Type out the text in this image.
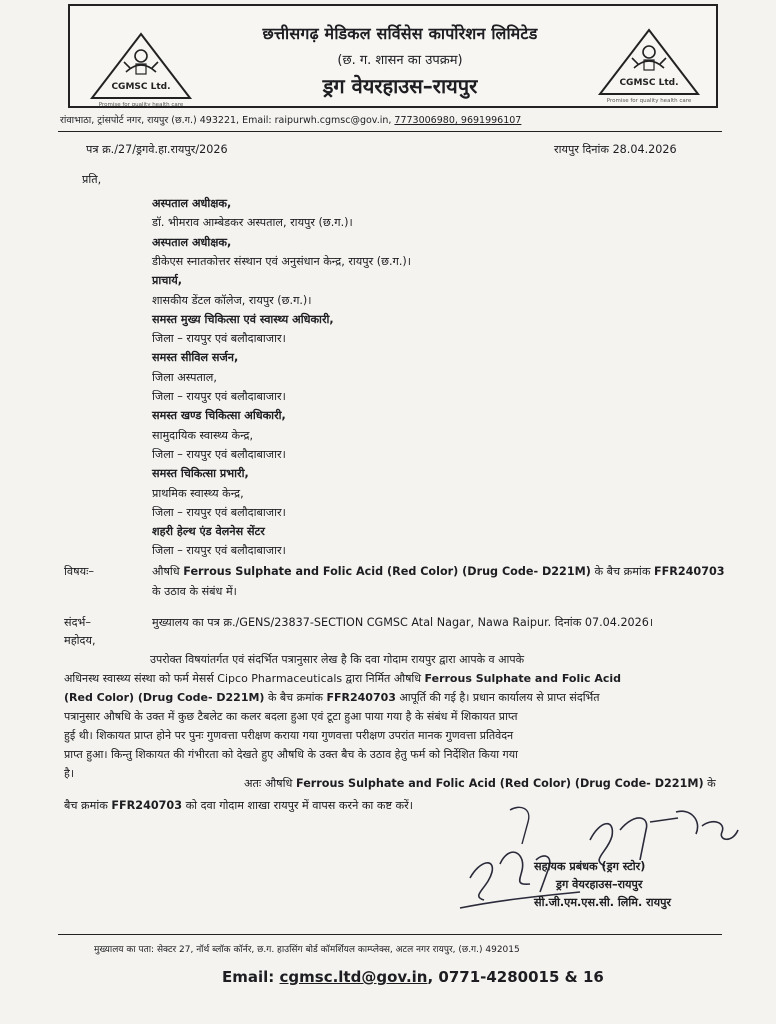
CGMSC Ltd.
Promise for quality health care
छत्तीसगढ़ मेडिकल सर्विसेस कार्पोरेशन लिमिटेड
(छ. ग. शासन का उपक्रम)
ड्रग वेयरहाउस–रायपुर	CGMSC Ltd.
Promise for quality health care
रांवाभाठा, ट्रांसपोर्ट नगर, रायपुर (छ.ग.) 493221, Email: raipurwh.cgmsc@gov.in, 7773006980, 9691996107
पत्र क्र./27/ड्रगवे.हा.रायपुर/2026	रायपुर दिनांक 28.04.2026
प्रति,
अस्पताल अधीक्षक,
डॉ. भीमराव आम्बेडकर अस्पताल, रायपुर (छ.ग.)।
अस्पताल अधीक्षक,
डीकेएस स्नातकोत्तर संस्थान एवं अनुसंधान केन्द्र, रायपुर (छ.ग.)।
प्राचार्य,
शासकीय डेंटल कॉलेज, रायपुर (छ.ग.)।
समस्त मुख्य चिकित्सा एवं स्वास्थ्य अधिकारी,
जिला – रायपुर एवं बलौदाबाजार।
समस्त सीविल सर्जन,
जिला अस्पताल,
जिला – रायपुर एवं बलौदाबाजार।
समस्त खण्ड चिकित्सा अधिकारी,
सामुदायिक स्वास्थ्य केन्द्र,
जिला – रायपुर एवं बलौदाबाजार।
समस्त चिकित्सा प्रभारी,
प्राथमिक स्वास्थ्य केन्द्र,
जिला – रायपुर एवं बलौदाबाजार।
शहरी हेल्थ एंड वेलनेस सेंटर
जिला – रायपुर एवं बलौदाबाजार।
विषयः–	औषधि Ferrous Sulphate and Folic Acid (Red Color) (Drug Code- D221M) के बैच क्रमांक FFR240703
के उठाव के संबंध में।
संदर्भ–	मुख्यालय का पत्र क्र./GENS/23837-SECTION CGMSC Atal Nagar, Nawa Raipur. दिनांक 07.04.2026।
महोदय,

उपरोक्त विषयांतर्गत एवं संदर्भित पत्रानुसार लेख है कि दवा गोदाम रायपुर द्वारा आपके व आपके

अधिनस्थ स्वास्थ्य संस्था को फर्म मेसर्स Cipco Pharmaceuticals द्वारा निर्मित औषधि Ferrous Sulphate and Folic Acid

(Red Color) (Drug Code- D221M) के बैच क्रमांक FFR240703 आपूर्ति की गई है। प्रधान कार्यालय से प्राप्त संदर्भित

पत्रानुसार औषधि के उक्त में कुछ टैबलेट का कलर बदला हुआ एवं टूटा हुआ पाया गया है के संबंध में शिकायत प्राप्त

हुई थी। शिकायत प्राप्त होने पर पुनः गुणवत्ता परीक्षण कराया गया गुणवत्ता परीक्षण उपरांत मानक गुणवत्ता प्रतिवेदन

प्राप्त हुआ। किन्तु शिकायत की गंभीरता को देखते हुए औषधि के उक्त बैच के उठाव हेतु फर्म को निर्देशित किया गया

है।

अतः औषधि Ferrous Sulphate and Folic Acid (Red Color) (Drug Code- D221M) के
बैच क्रमांक FFR240703 को दवा गोदाम शाखा रायपुर में वापस करने का कष्ट करें।
सहायक प्रबंधक (ड्रग स्टोर)
ड्रग वेयरहाउस–रायपुर
सी.जी.एम.एस.सी. लिमि. रायपुर
मुख्यालय का पता: सेक्टर 27, नॉर्थ ब्लॉक कॉर्नर, छ.ग. हाउसिंग बोर्ड कॉमर्शियल काम्प्लेक्स, अटल नगर रायपुर, (छ.ग.) 492015
Email: cgmsc.ltd@gov.in, 0771-4280015 & 16
